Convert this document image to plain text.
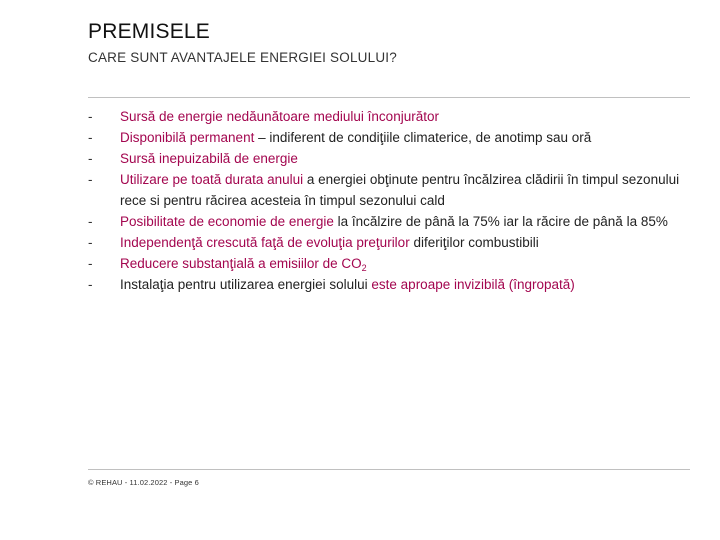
PREMISELE
CARE SUNT AVANTAJELE ENERGIEI SOLULUI?
-	Sursă de energie nedăunătoare mediului înconjurător
-	Disponibilă permanent – indiferent de condiţiile climaterice, de anotimp sau oră
-	Sursă inepuizabilă de energie
-	Utilizare pe toată durata anului a energiei obţinute pentru încălzirea clădirii în timpul sezonului rece si pentru răcirea acesteia în timpul sezonului cald
-	Posibilitate de economie de energie la încălzire de până la 75% iar la răcire de până la 85%
-	Independenţă crescută faţă de evoluţia preţurilor diferiţilor combustibili
-	Reducere substanţială a emisiilor de $CO_2$
-	Instalaţia pentru utilizarea energiei solului este aproape invizibilă (îngropată)
© REHAU - 11.02.2022 - Page 6
